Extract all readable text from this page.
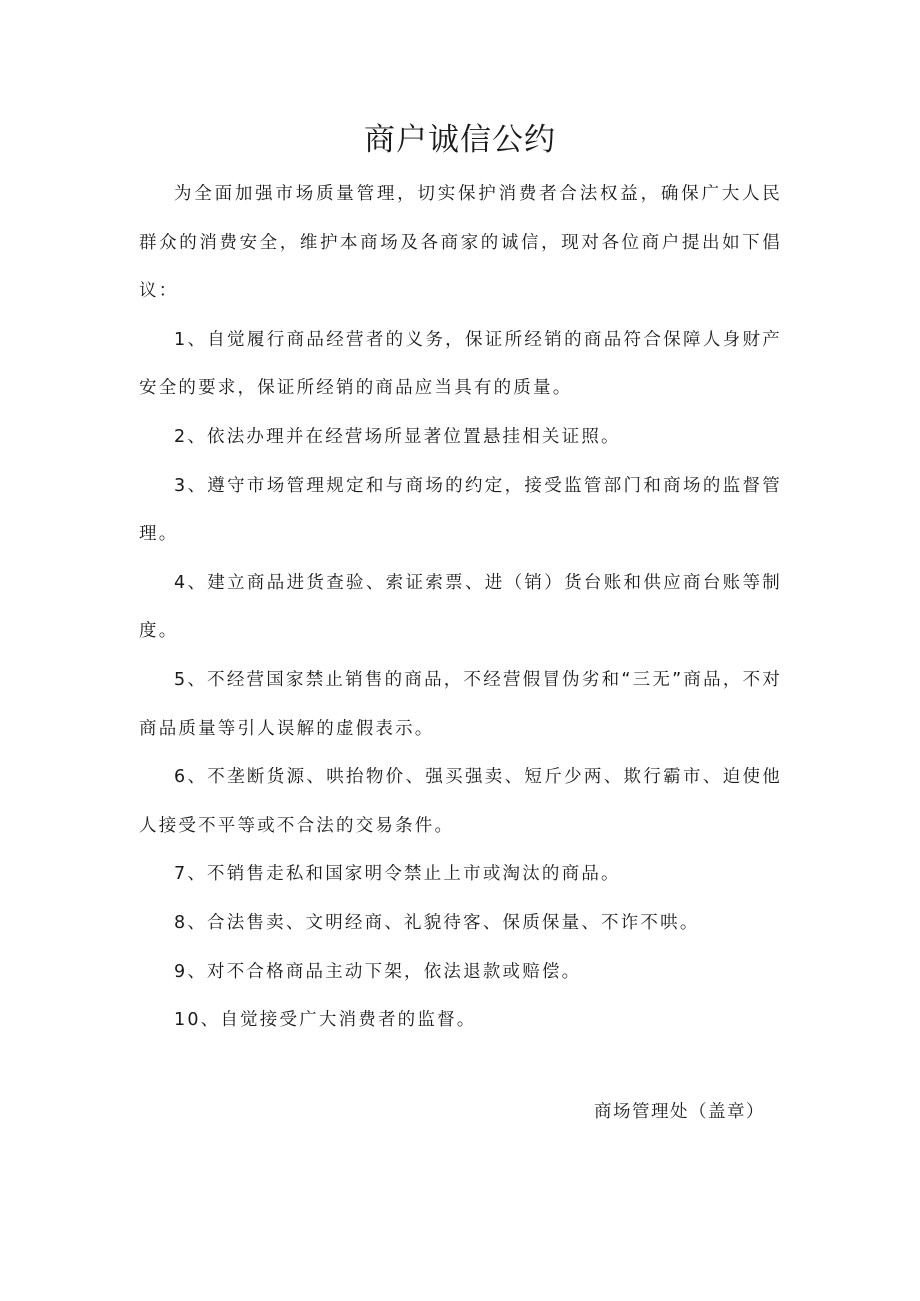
商户诚信公约

为全面加强市场质量管理，切实保护消费者合法权益，确保广大人民群众的消费安全，维护本商场及各商家的诚信，现对各位商户提出如下倡议：

1、自觉履行商品经营者的义务，保证所经销的商品符合保障人身财产安全的要求，保证所经销的商品应当具有的质量。

2、依法办理并在经营场所显著位置悬挂相关证照。

3、遵守市场管理规定和与商场的约定，接受监管部门和商场的监督管理。

4、建立商品进货查验、索证索票、进（销）货台账和供应商台账等制度。

5、不经营国家禁止销售的商品，不经营假冒伪劣和“三无”商品，不对商品质量等引人误解的虚假表示。

6、不垄断货源、哄抬物价、强买强卖、短斤少两、欺行霸市、迫使他人接受不平等或不合法的交易条件。

7、不销售走私和国家明令禁止上市或淘汰的商品。

8、合法售卖、文明经商、礼貌待客、保质保量、不诈不哄。

9、对不合格商品主动下架，依法退款或赔偿。

10、自觉接受广大消费者的监督。

商场管理处（盖章）
